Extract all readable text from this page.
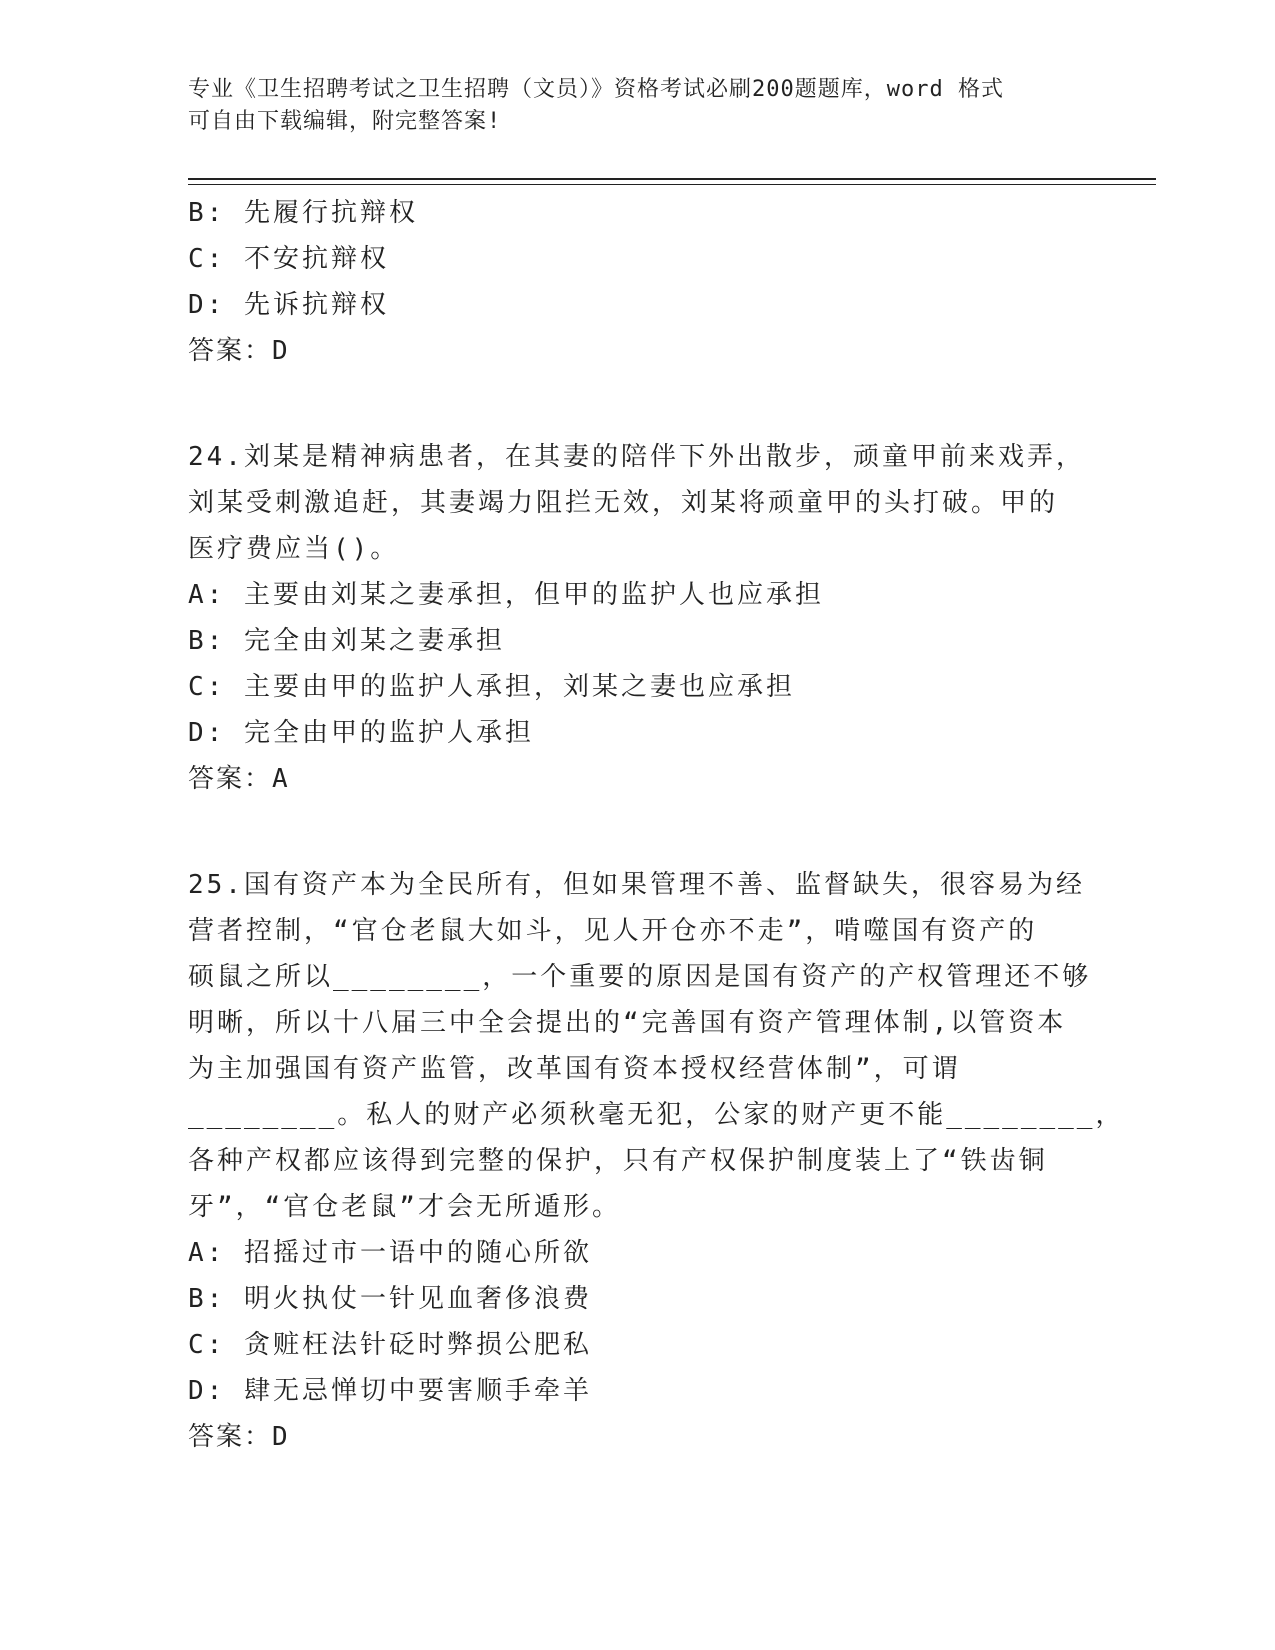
专业《卫生招聘考试之卫生招聘（文员）》资格考试必刷200题题库，word 格式
可自由下载编辑，附完整答案!
B: 先履行抗辩权
C: 不安抗辩权
D: 先诉抗辩权
答案：D
24.刘某是精神病患者，在其妻的陪伴下外出散步，顽童甲前来戏弄，
刘某受刺激追赶，其妻竭力阻拦无效，刘某将顽童甲的头打破。甲的
医疗费应当()。
A: 主要由刘某之妻承担，但甲的监护人也应承担
B: 完全由刘某之妻承担
C: 主要由甲的监护人承担，刘某之妻也应承担
D: 完全由甲的监护人承担
答案：A
25.国有资产本为全民所有，但如果管理不善、监督缺失，很容易为经
营者控制，“官仓老鼠大如斗，见人开仓亦不走”，啃噬国有资产的
硕鼠之所以________，一个重要的原因是国有资产的产权管理还不够
明晰，所以十八届三中全会提出的“完善国有资产管理体制,以管资本
为主加强国有资产监管，改革国有资本授权经营体制”，可谓
________。私人的财产必须秋毫无犯，公家的财产更不能________，
各种产权都应该得到完整的保护，只有产权保护制度装上了“铁齿铜
牙”，“官仓老鼠”才会无所遁形。
A: 招摇过市一语中的随心所欲
B: 明火执仗一针见血奢侈浪费
C: 贪赃枉法针砭时弊损公肥私
D: 肆无忌惮切中要害顺手牵羊
答案：D
